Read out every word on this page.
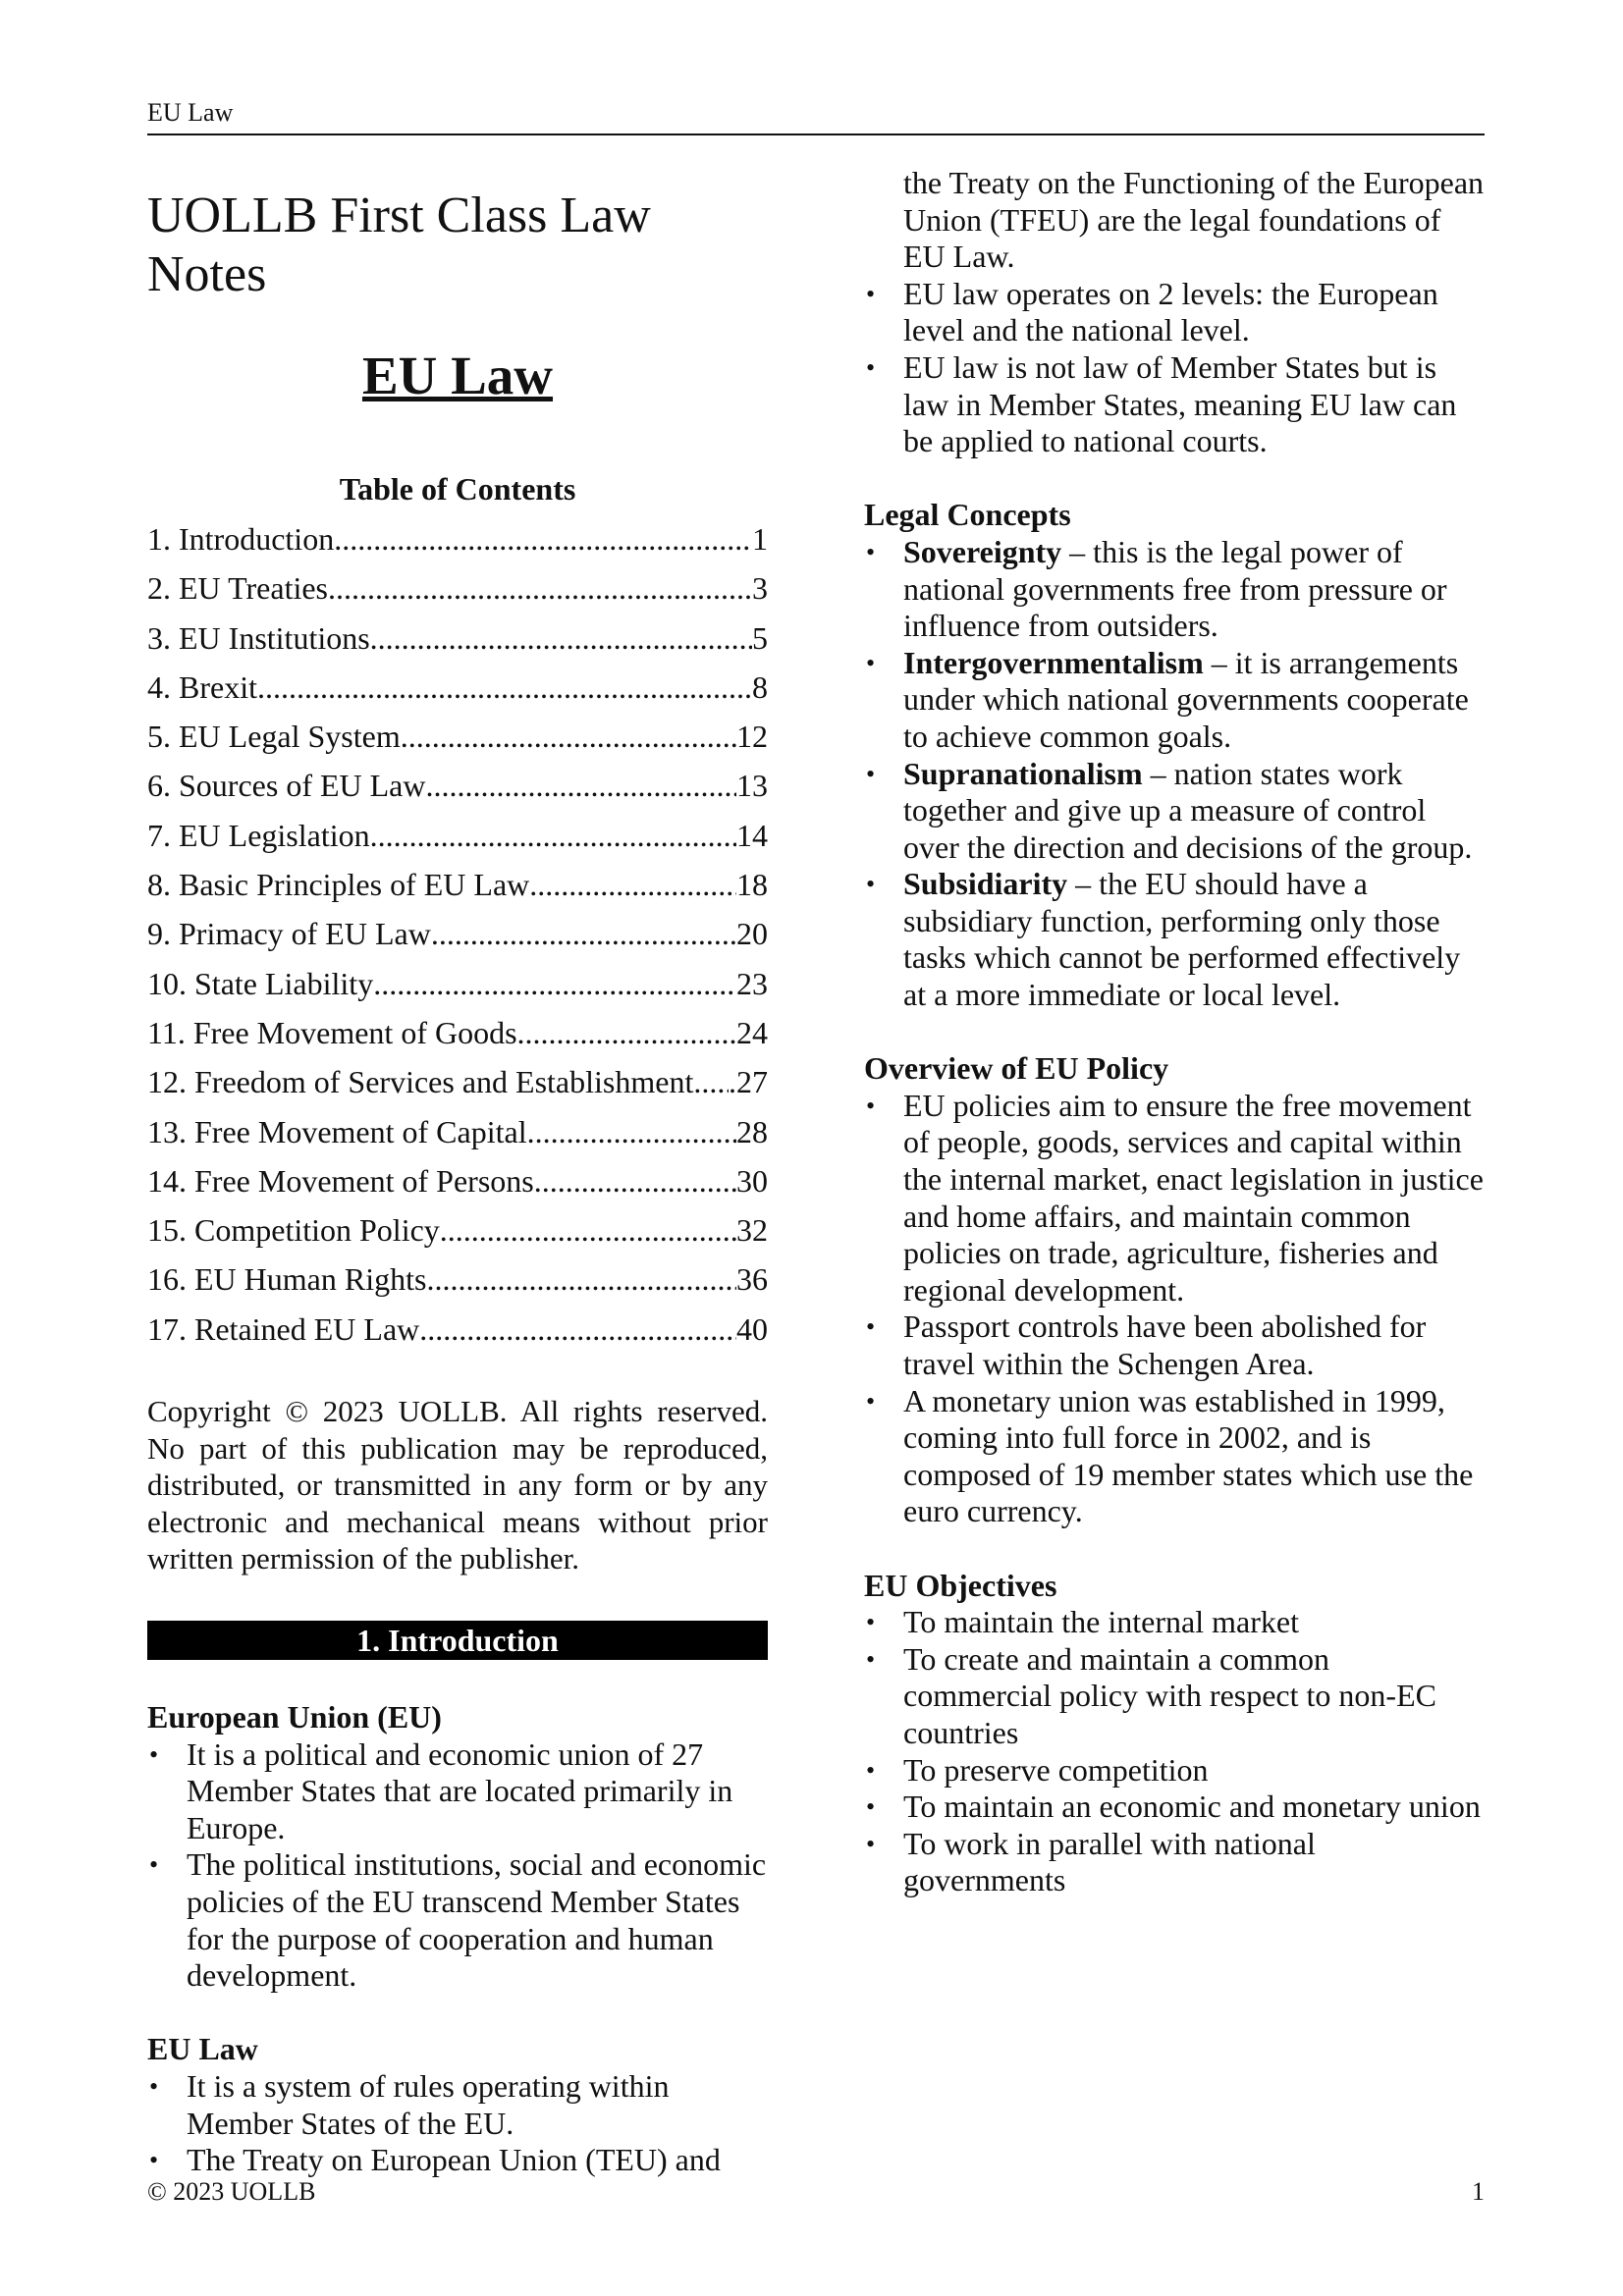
EU Law
UOLLB First Class Law Notes
EU Law
Table of Contents
1. Introduction .....	1
2. EU Treaties .....	3
3. EU Institutions .....	5
4. Brexit .....	8
5. EU Legal System .....	12
6. Sources of EU Law .....	13
7. EU Legislation .....	14
8. Basic Principles of EU Law .....	18
9. Primacy of EU Law .....	20
10. State Liability .....	23
11. Free Movement of Goods .....	24
12. Freedom of Services and Establishment ..... .27
13. Free Movement of Capital .....	28
14. Free Movement of Persons .....	30
15. Competition Policy .....	32
16. EU Human Rights .....	36
17. Retained EU Law .....	40

Copyright © 2023 UOLLB. All rights reserved. No part of this publication may be reproduced, distributed, or transmitted in any form or by any electronic and mechanical means without prior written permission of the publisher.

1. Introduction
European Union (EU)
• It is a political and economic union of 27 Member States that are located primarily in Europe.
• The political institutions, social and economic policies of the EU transcend Member States for the purpose of cooperation and human development.
EU Law
• It is a system of rules operating within Member States of the EU.
• The Treaty on European Union (TEU) and
the Treaty on the Functioning of the European Union (TFEU) are the legal foundations of EU Law.
• EU law operates on 2 levels: the European level and the national level.
• EU law is not law of Member States but is law in Member States, meaning EU law can be applied to national courts.
Legal Concepts
• Sovereignty – this is the legal power of national governments free from pressure or influence from outsiders.
• Intergovernmentalism – it is arrangements under which national governments cooperate to achieve common goals.
• Supranationalism – nation states work together and give up a measure of control over the direction and decisions of the group.
• Subsidiarity – the EU should have a subsidiary function, performing only those tasks which cannot be performed effectively at a more immediate or local level.
Overview of EU Policy
• EU policies aim to ensure the free movement of people, goods, services and capital within the internal market, enact legislation in justice and home affairs, and maintain common policies on trade, agriculture, fisheries and regional development.
• Passport controls have been abolished for travel within the Schengen Area.
• A monetary union was established in 1999, coming into full force in 2002, and is composed of 19 member states which use the euro currency.
EU Objectives
• To maintain the internal market
• To create and maintain a common commercial policy with respect to non-EC countries
• To preserve competition
• To maintain an economic and monetary union
• To work in parallel with national governments
© 2023 UOLLB	1
